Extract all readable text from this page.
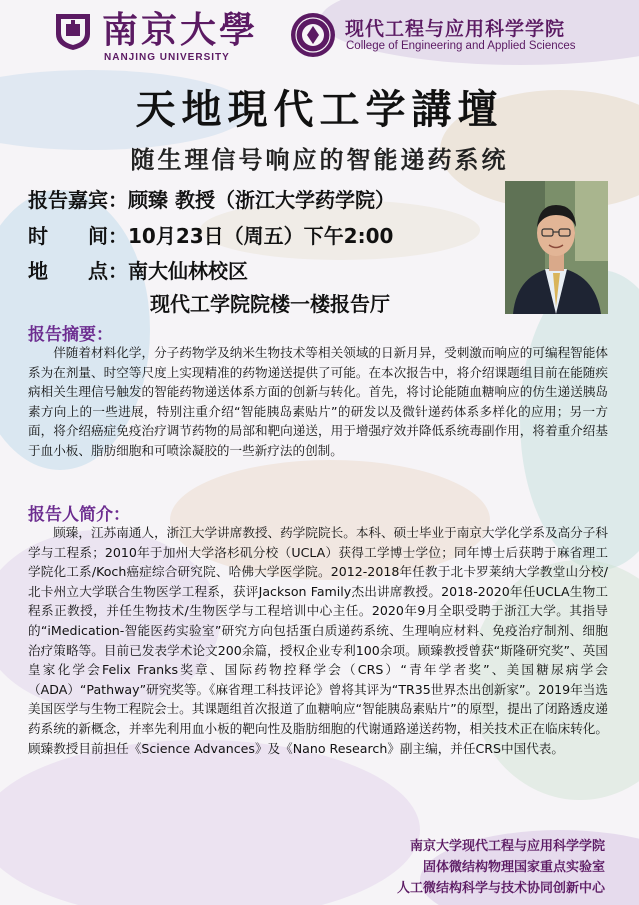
南京大學
NANJING UNIVERSITY
现代工程与应用科学学院
College of Engineering and Applied Sciences
天地現代工学講壇
随生理信号响应的智能递药系统
报告嘉宾：顾臻 教授（浙江大学药学院）
时　　间：10月23日（周五）下午2:00
地　　点：南大仙林校区
现代工学院院楼一楼报告厅
报告摘要：
伴随着材料化学，分子药物学及纳米生物技术等相关领域的日新月异，受刺激而响应的可编程智能体系为在剂量、时空等尺度上实现精准的药物递送提供了可能。在本次报告中，将介绍课题组目前在能随疾病相关生理信号触发的智能药物递送体系方面的创新与转化。首先，将讨论能随血糖响应的仿生递送胰岛素方向上的一些进展，特别注重介绍“智能胰岛素贴片”的研发以及微针递药体系多样化的应用；另一方面，将介绍癌症免疫治疗调节药物的局部和靶向递送，用于增强疗效并降低系统毒副作用，将着重介绍基于血小板、脂肪细胞和可喷涂凝胶的一些新疗法的创制。
报告人简介：
顾臻，江苏南通人，浙江大学讲席教授、药学院院长。本科、硕士毕业于南京大学化学系及高分子科学与工程系；2010年于加州大学洛杉矶分校（UCLA）获得工学博士学位；同年博士后获聘于麻省理工学院化工系/Koch癌症综合研究院、哈佛大学医学院。2012-2018年任教于北卡罗莱纳大学教堂山分校/北卡州立大学联合生物医学工程系，获评Jackson Family杰出讲席教授。2018-2020年任UCLA生物工程系正教授，并任生物技术/生物医学与工程培训中心主任。2020年9月全职受聘于浙江大学。其指导的“iMedication-智能医药实验室”研究方向包括蛋白质递药系统、生理响应材料、免疫治疗制剂、细胞治疗策略等。目前已发表学术论文200余篇，授权企业专利100余项。顾臻教授曾获“斯隆研究奖”、英国皇家化学会Felix Franks奖章、国际药物控释学会（CRS）“青年学者奖”、美国糖尿病学会（ADA）“Pathway”研究奖等。《麻省理工科技评论》曾将其评为“TR35世界杰出创新家”。2019年当选美国医学与生物工程院会士。其课题组首次报道了血糖响应“智能胰岛素贴片”的原型，提出了闭路透皮递药系统的新概念，并率先利用血小板的靶向性及脂肪细胞的代谢通路递送药物，相关技术正在临床转化。顾臻教授目前担任《Science Advances》及《Nano Research》副主编，并任CRS中国代表。
南京大学现代工程与应用科学学院
固体微结构物理国家重点实验室
人工微结构科学与技术协同创新中心
